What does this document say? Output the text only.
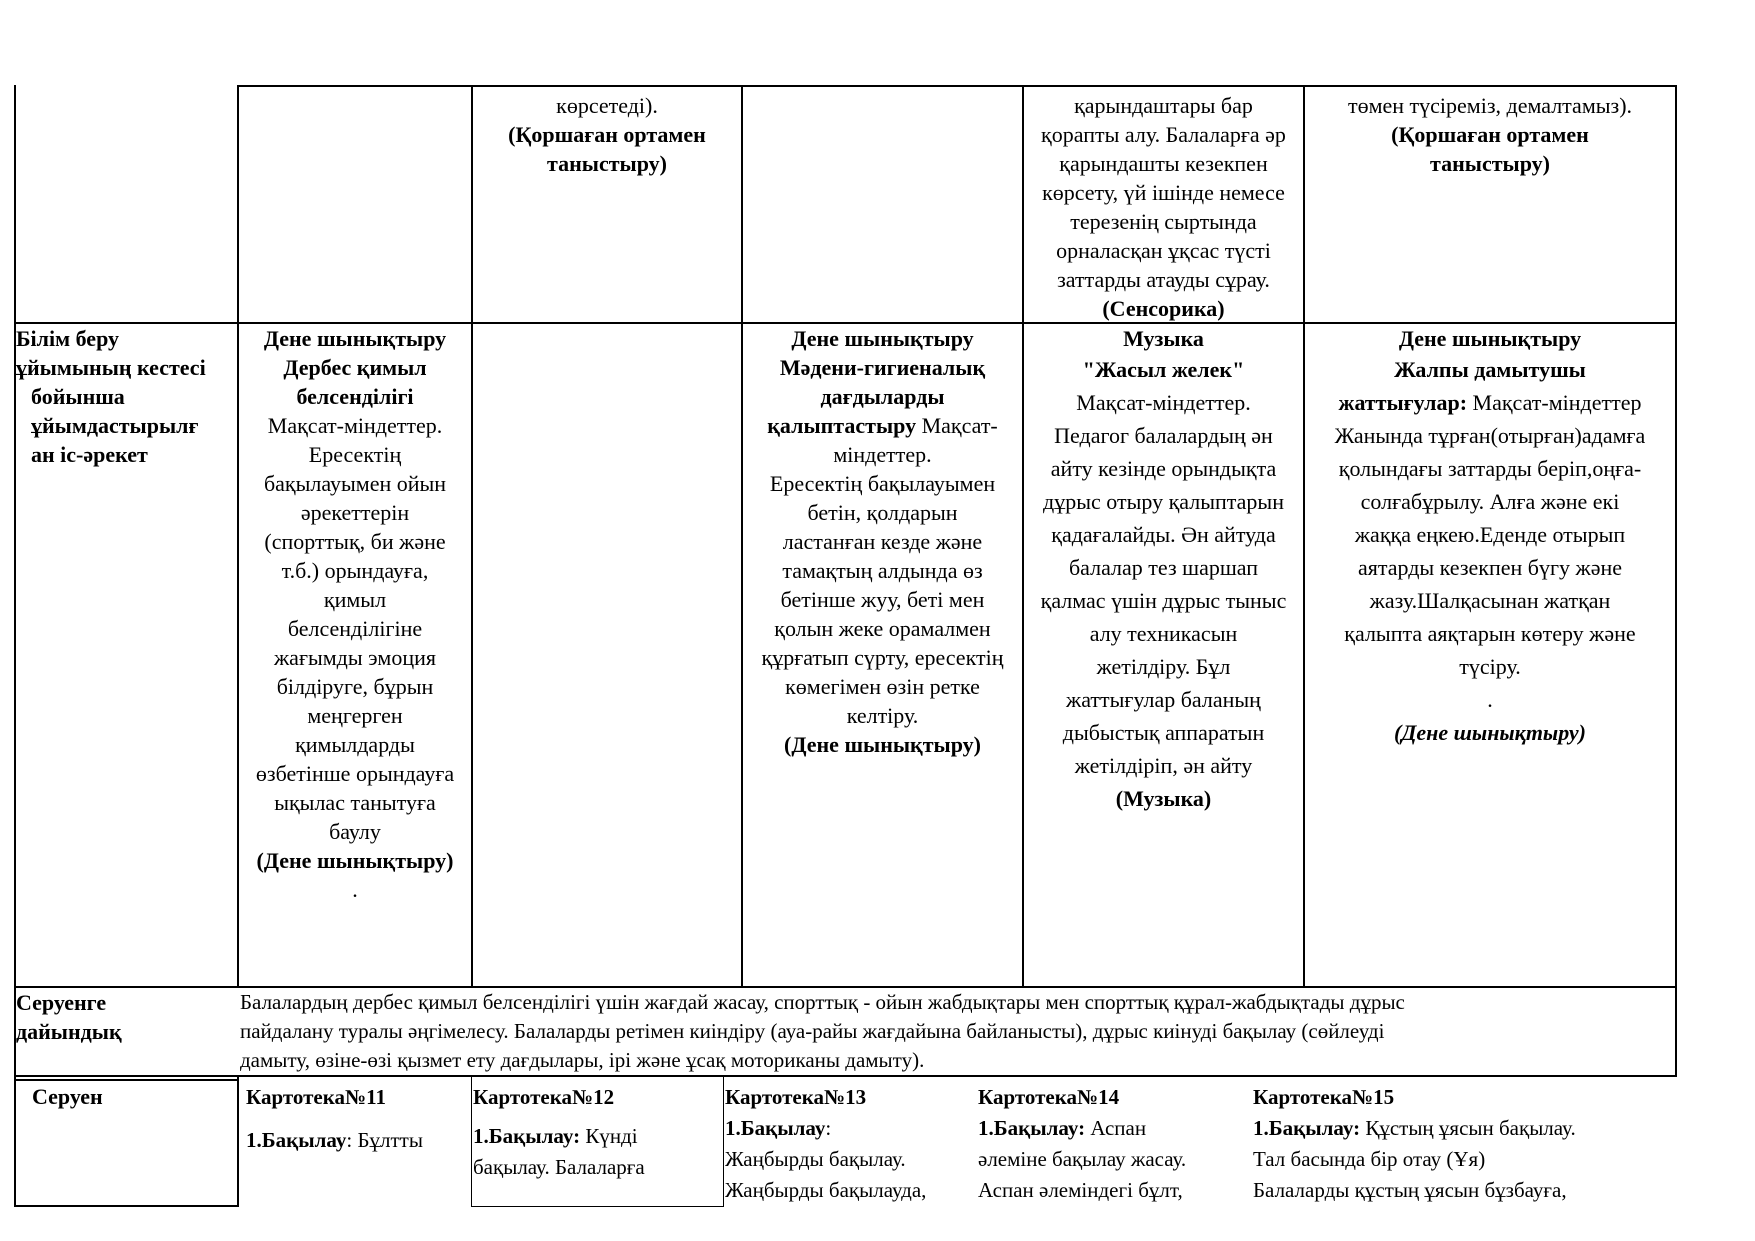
көрсетеді).
(Қоршаған ортамен
таныстыру)
қарындаштары бар
қорапты алу. Балаларға әр
қарындашты кезекпен
көрсету, үй ішінде немесе
терезенің сыртында
орналасқан ұқсас түсті
заттарды атауды сұрау.
(Сенсорика)
төмен түсіреміз, демалтамыз).
(Қоршаған ортамен
таныстыру)
Білім беру
ұйымының кестесі
бойынша
ұйымдастырылғ
ан іс-әрекет
Дене шынықтыру
Дербес қимыл
белсенділігі
Мақсат-міндеттер.
Ересектің
бақылауымен ойын
әрекеттерін
(спорттық, би және
т.б.) орындауға,
қимыл
белсенділігіне
жағымды эмоция
білдіруге, бұрын
меңгерген
қимылдарды
өзбетінше орындауға
ықылас танытуға
баулу
(Дене шынықтыру)
.
Дене шынықтыру
Мәдени-гигиеналық
дағдыларды
қалыптастыру Мақсат-
міндеттер.
Ересектің бақылауымен
бетін, қолдарын
ластанған кезде және
тамақтың алдында өз
бетінше жуу, беті мен
қолын жеке орамалмен
құрғатып сүрту, ересектің
көмегімен өзін ретке
келтіру.
(Дене шынықтыру)
Музыка
"Жасыл желек"
Мақсат-міндеттер.
Педагог балалардың ән
айту кезінде орындықта
дұрыс отыру қалыптарын
қадағалайды. Ән айтуда
балалар тез шаршап
қалмас үшін дұрыс тыныс
алу техникасын
жетілдіру. Бұл
жаттығулар баланың
дыбыстық аппаратын
жетілдіріп, ән айту
(Музыка)
Дене шынықтыру
Жалпы дамытушы
жаттығулар: Мақсат-міндеттер
Жанында тұрған(отырған)адамға
қолындағы заттарды беріп,оңға-
солғабұрылу. Алға және екі
жаққа еңкею.Еденде отырып
аятарды кезекпен бүгу және
жазу.Шалқасынан жатқан
қалыпта аяқтарын көтеру және
түсіру.
.
(Дене шынықтыру)
Серуенге
дайындық
Балалардың дербес қимыл белсенділігі үшін жағдай жасау, спорттық - ойын жабдықтары мен спорттық құрал-жабдықтады дұрыс
пайдалану туралы әңгімелесу. Балаларды ретімен киіндіру (ауа-райы жағдайына байланысты), дұрыс киінуді бақылау (сөйлеуді
дамыту, өзіне-өзі қызмет ету дағдылары, ірі және ұсақ моториканы дамыту).
Серуен	Картотека№11
1.Бақылау: Бұлтты
Картотека№12
1.Бақылау: Күнді
бақылау. Балаларға
Картотека№13
1.Бақылау:
Жаңбырды бақылау.
Жаңбырды бақылауда,
Картотека№14
1.Бақылау: Аспан
әлеміне бақылау жасау.
Аспан әлеміндегі бұлт,
Картотека№15
1.Бақылау: Құстың ұясын бақылау.
Тал басында бір отау (Ұя)
Балаларды құстың ұясын бұзбауға,
